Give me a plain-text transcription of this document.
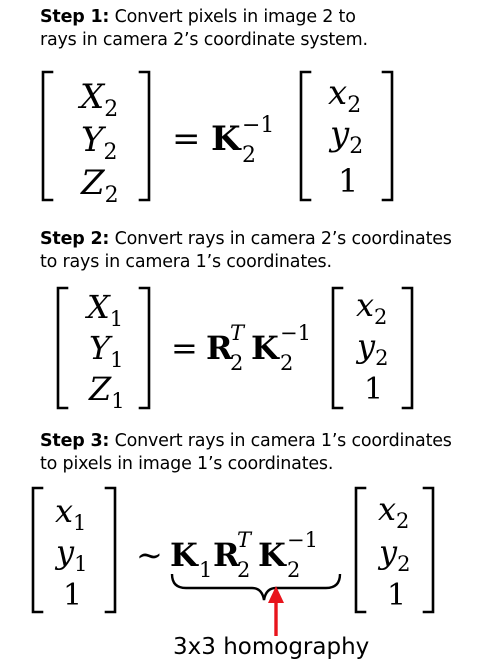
Step 1: Convert pixels in image 2 to
rays in camera 2’s coordinate system.
Step 2: Convert rays in camera 2’s coordinates
to rays in camera 1’s coordinates.
Step 3: Convert rays in camera 1’s coordinates
to pixels in image 1’s coordinates.
$X_2$
$Y_2$
$Z_2$
= K 2
−1
$x_2$
$y_2$
1
$X_1$
$Y_1$
$Z_1$
= R
2
T K 2
−1
$x_2$
$y_2$
1
$x_1$
$y_1$
1
∼ K 1 R
2
T K 2
−1
$x_2$
$y_2$
1
3x3 homography
